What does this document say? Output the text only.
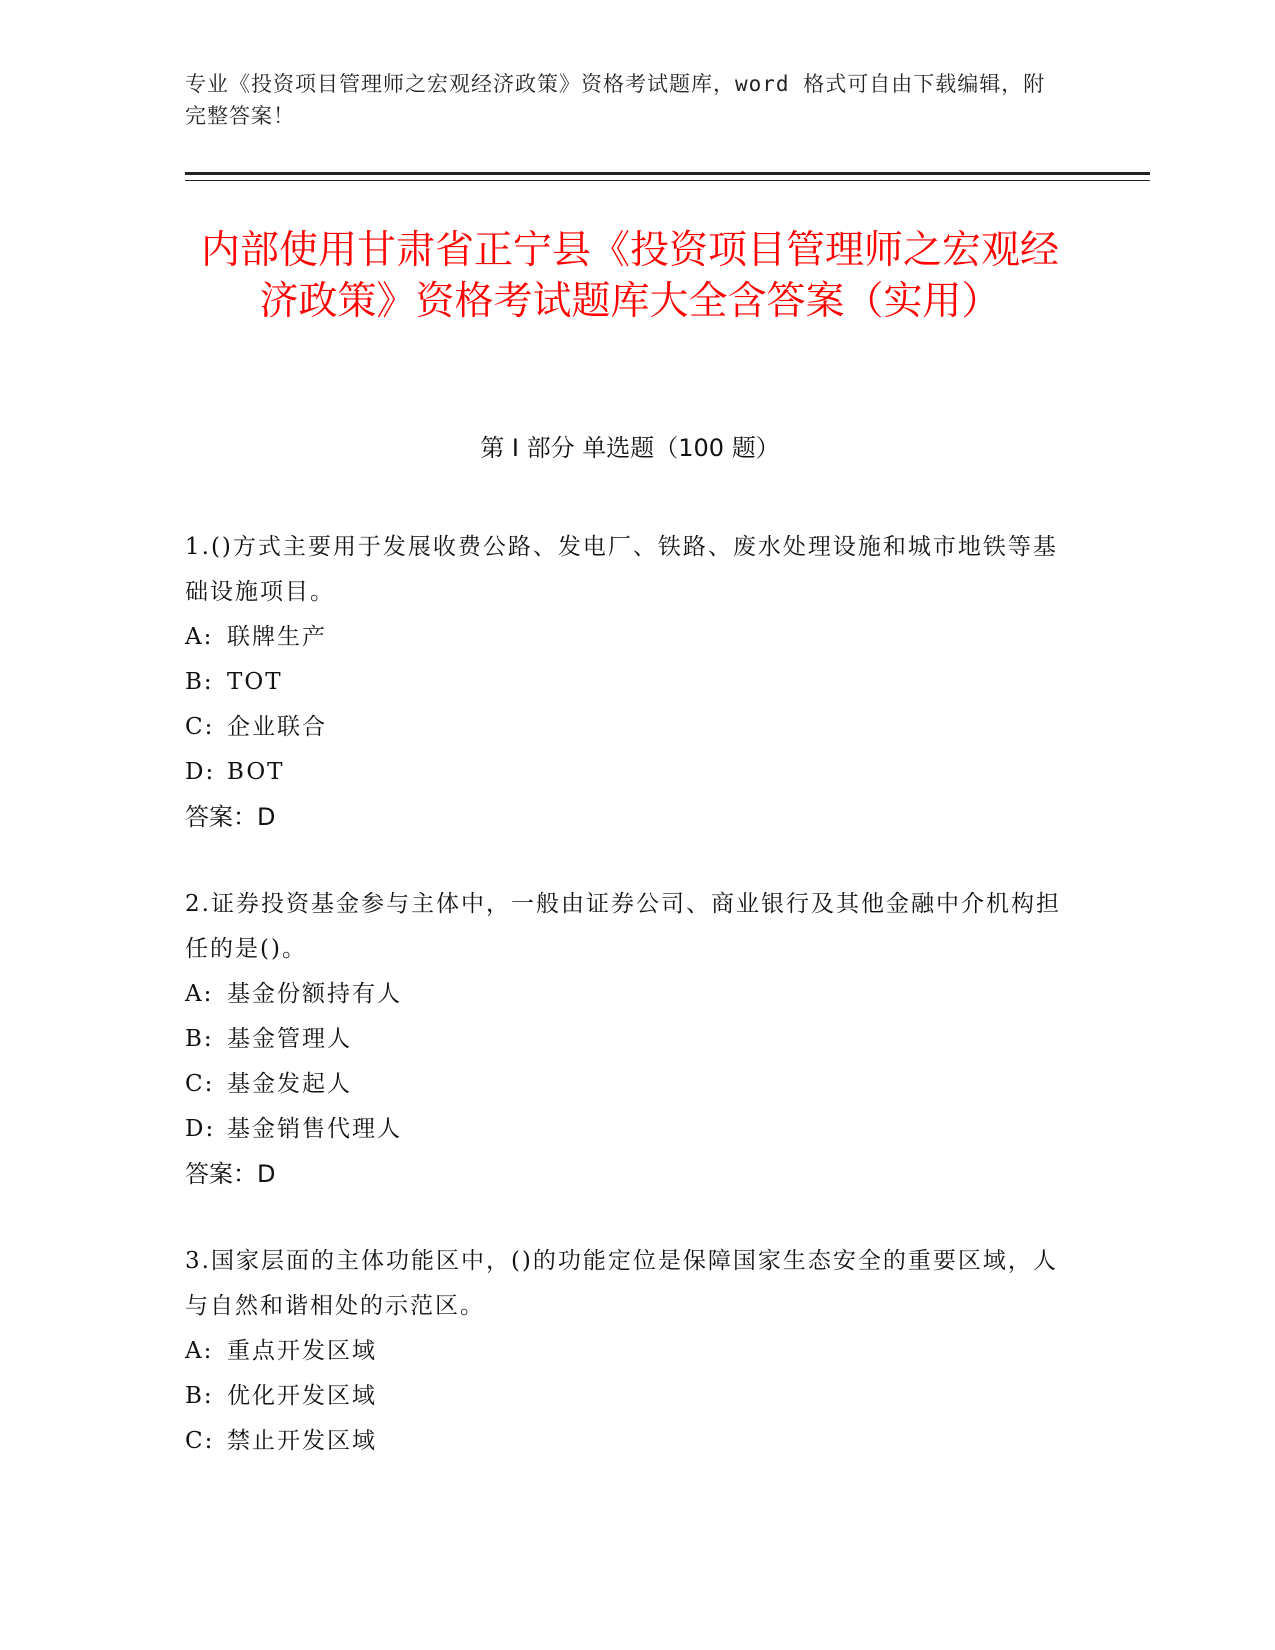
专业《投资项目管理师之宏观经济政策》资格考试题库，word 格式可自由下载编辑，附完整答案！
内部使用甘肃省正宁县《投资项目管理师之宏观经济政策》资格考试题库大全含答案（实用）
第 I 部分 单选题（100 题）

1.()方式主要用于发展收费公路、发电厂、铁路、废水处理设施和城市地铁等基础设施项目。

A: 联牌生产

B: TOT

C: 企业联合

D: BOT

答案：D

2.证券投资基金参与主体中，一般由证券公司、商业银行及其他金融中介机构担任的是()。

A: 基金份额持有人

B: 基金管理人

C: 基金发起人

D: 基金销售代理人

答案：D

3.国家层面的主体功能区中，()的功能定位是保障国家生态安全的重要区域，人与自然和谐相处的示范区。

A: 重点开发区域

B: 优化开发区域

C: 禁止开发区域
